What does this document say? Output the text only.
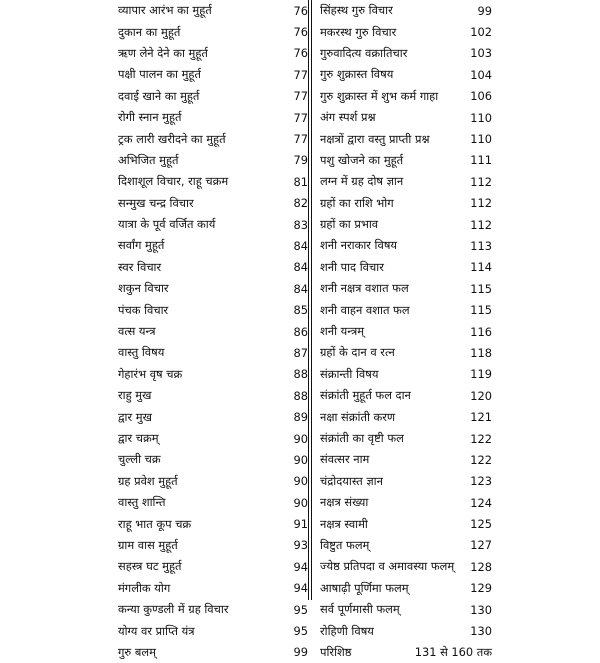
व्यापार आरंभ का मुहूर्त	76
दुकान का मुहूर्त	76
ऋण लेने देने का मुहूर्त	76
पक्षी पालन का मुहूर्त	77
दवाई खाने का मुहूर्त	77
रोगी स्नान मुहूर्त	77
ट्रक लारी खरीदने का मुहूर्त	77
अभिजित मुहूर्त	79
दिशाशूल विचार, राहू चक्रम	81
सन्मुख चन्द्र विचार	82
यात्रा के पूर्व वर्जित कार्य	83
सर्वांग मुहूर्त	84
स्वर विचार	84
शकुन विचार	84
पंचक विचार	85
वत्स यन्त्र	86
वास्तु विषय	87
गेहारंभ वृष चक्र	88
राहु मुख	88
द्वार मुख	89
द्वार चक्रम्	90
चुल्ली चक्र	90
ग्रह प्रवेश मुहूर्त	90
वास्तु शान्ति	90
राहू भात कूप चक्र	91
ग्राम वास मुहूर्त	93
सहस्त्र घट मुहूर्त	94
मंगलीक योग	94
कन्या कुण्डली में ग्रह विचार	95
योग्य वर प्राप्ति यंत्र	95
गुरु बलम्	99
सिंहस्थ गुरु विचार	99
मकरस्थ गुरु विचार	102
गुरुवादित्य वक्रातिचार	103
गुरु शुक्रास्त विषय	104
गुरु शुक्रास्त में शुभ कर्म गाहा	106
अंग स्पर्श प्रश्न	110
नक्षत्रों द्वारा वस्तु प्राप्ती प्रश्न	110
पशु खोजने का मुहूर्त	111
लग्न में ग्रह दोष ज्ञान	112
ग्रहों का राशि भोग	112
ग्रहों का प्रभाव	112
शनी नराकार विषय	113
शनी पाद विचार	114
शनी नक्षत्र वशात फल	115
शनी वाहन वशात फल	115
शनी यन्त्रम्	116
ग्रहों के दान व रत्न	118
संक्रान्ती विषय	119
संक्रांती मुहूर्त फल दान	120
नक्षा संक्रांती करण	121
संक्रांती का वृष्टी फल	122
संवत्सर नाम	122
चंद्रोदयास्त ज्ञान	123
नक्षत्र संख्या	124
नक्षत्र स्वामी	125
विष्टुत फलम्	127
ज्येष्ठ प्रतिपदा व अमावस्या फलम्	128
आषाढ़ी पूर्णिमा फलम्	129
सर्व पूर्णमासी फलम्	130
रोहिणी विषय	130
परिशिष्ठ	131 से 160 तक
